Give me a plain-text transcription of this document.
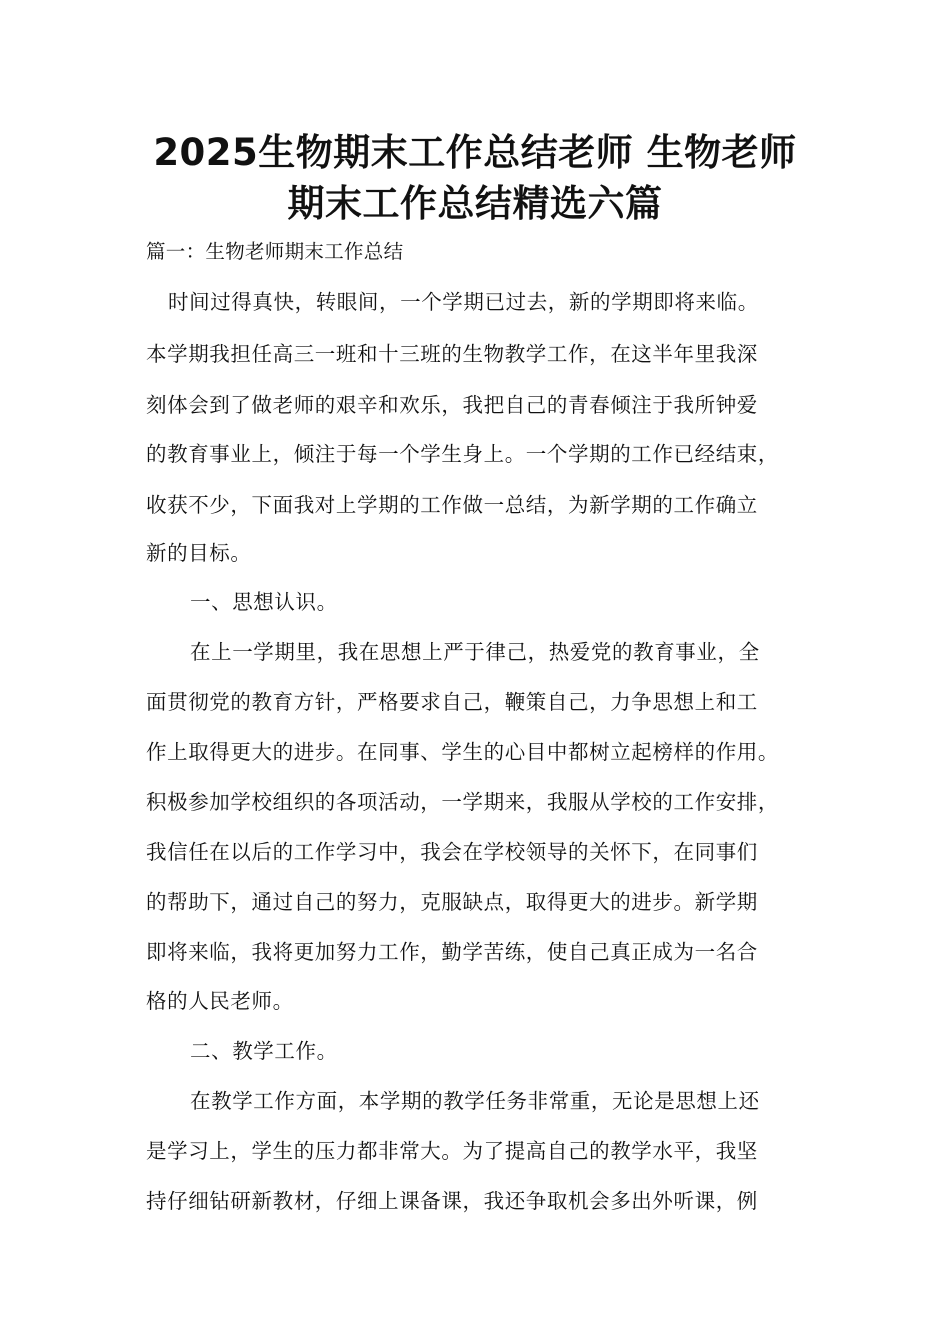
2025生物期末工作总结老师 生物老师
期末工作总结精选六篇

篇一：生物老师期末工作总结

时间过得真快，转眼间，一个学期已过去，新的学期即将来临。

本学期我担任高三一班和十三班的生物教学工作，在这半年里我深

刻体会到了做老师的艰辛和欢乐，我把自己的青春倾注于我所钟爱

的教育事业上，倾注于每一个学生身上。一个学期的工作已经结束，

收获不少，下面我对上学期的工作做一总结，为新学期的工作确立

新的目标。

一、思想认识。

在上一学期里，我在思想上严于律己，热爱党的教育事业，全

面贯彻党的教育方针，严格要求自己，鞭策自己，力争思想上和工

作上取得更大的进步。在同事、学生的心目中都树立起榜样的作用。

积极参加学校组织的各项活动，一学期来，我服从学校的工作安排，

我信任在以后的工作学习中，我会在学校领导的关怀下，在同事们

的帮助下，通过自己的努力，克服缺点，取得更大的进步。新学期

即将来临，我将更加努力工作，勤学苦练，使自己真正成为一名合

格的人民老师。

二、教学工作。

在教学工作方面，本学期的教学任务非常重，无论是思想上还

是学习上，学生的压力都非常大。为了提高自己的教学水平，我坚

持仔细钻研新教材，仔细上课备课，我还争取机会多出外听课，例
